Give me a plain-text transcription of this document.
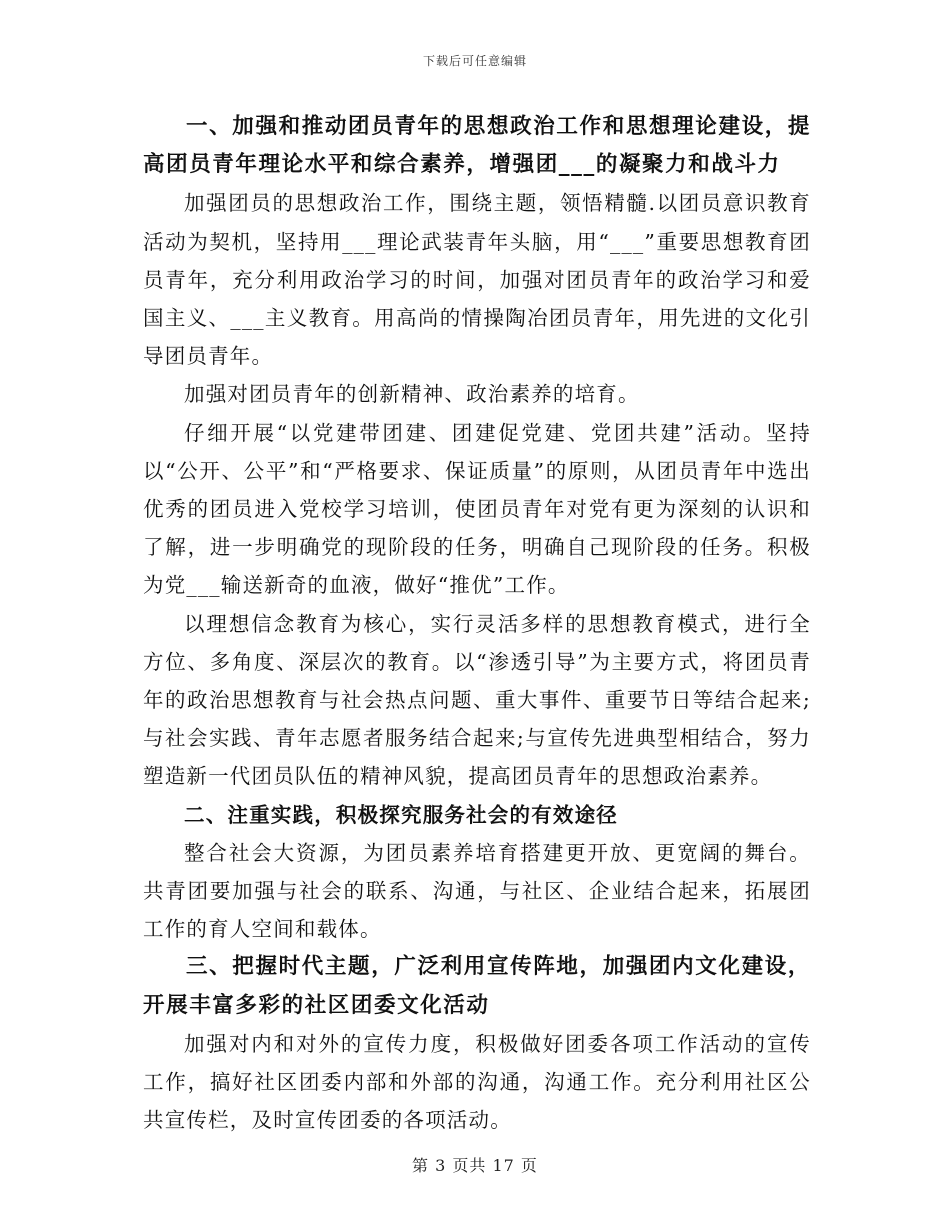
下载后可任意编辑

一、加强和推动团员青年的思想政治工作和思想理论建设，提高团员青年理论水平和综合素养，增强团___的凝聚力和战斗力

加强团员的思想政治工作，围绕主题，领悟精髓.以团员意识教育活动为契机，坚持用___理论武装青年头脑，用“___”重要思想教育团员青年，充分利用政治学习的时间，加强对团员青年的政治学习和爱国主义、___主义教育。用高尚的情操陶冶团员青年，用先进的文化引导团员青年。

加强对团员青年的创新精神、政治素养的培育。

仔细开展“以党建带团建、团建促党建、党团共建”活动。坚持以“公开、公平”和“严格要求、保证质量”的原则，从团员青年中选出优秀的团员进入党校学习培训，使团员青年对党有更为深刻的认识和了解，进一步明确党的现阶段的任务，明确自己现阶段的任务。积极为党___输送新奇的血液，做好“推优”工作。

以理想信念教育为核心，实行灵活多样的思想教育模式，进行全方位、多角度、深层次的教育。以“渗透引导”为主要方式，将团员青年的政治思想教育与社会热点问题、重大事件、重要节日等结合起来;与社会实践、青年志愿者服务结合起来;与宣传先进典型相结合，努力塑造新一代团员队伍的精神风貌，提高团员青年的思想政治素养。

二、注重实践，积极探究服务社会的有效途径

整合社会大资源，为团员素养培育搭建更开放、更宽阔的舞台。共青团要加强与社会的联系、沟通，与社区、企业结合起来，拓展团工作的育人空间和载体。

三、把握时代主题，广泛利用宣传阵地，加强团内文化建设，开展丰富多彩的社区团委文化活动

加强对内和对外的宣传力度，积极做好团委各项工作活动的宣传工作，搞好社区团委内部和外部的沟通，沟通工作。充分利用社区公共宣传栏，及时宣传团委的各项活动。

第 3 页共 17 页
